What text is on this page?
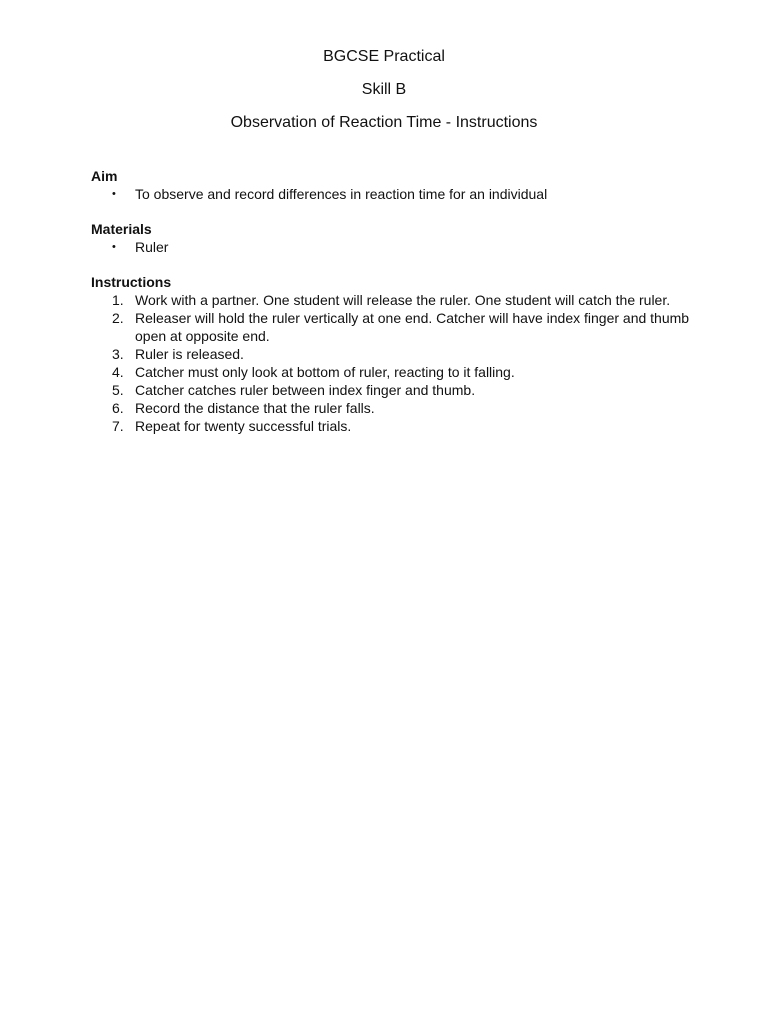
BGCSE Practical
Skill B
Observation of Reaction Time - Instructions
Aim
• To observe and record differences in reaction time for an individual
Materials
• Ruler
Instructions
1. Work with a partner. One student will release the ruler. One student will catch the ruler.
2. Releaser will hold the ruler vertically at one end. Catcher will have index finger and thumb open at opposite end.
3. Ruler is released.
4. Catcher must only look at bottom of ruler, reacting to it falling.
5. Catcher catches ruler between index finger and thumb.
6. Record the distance that the ruler falls.
7. Repeat for twenty successful trials.
